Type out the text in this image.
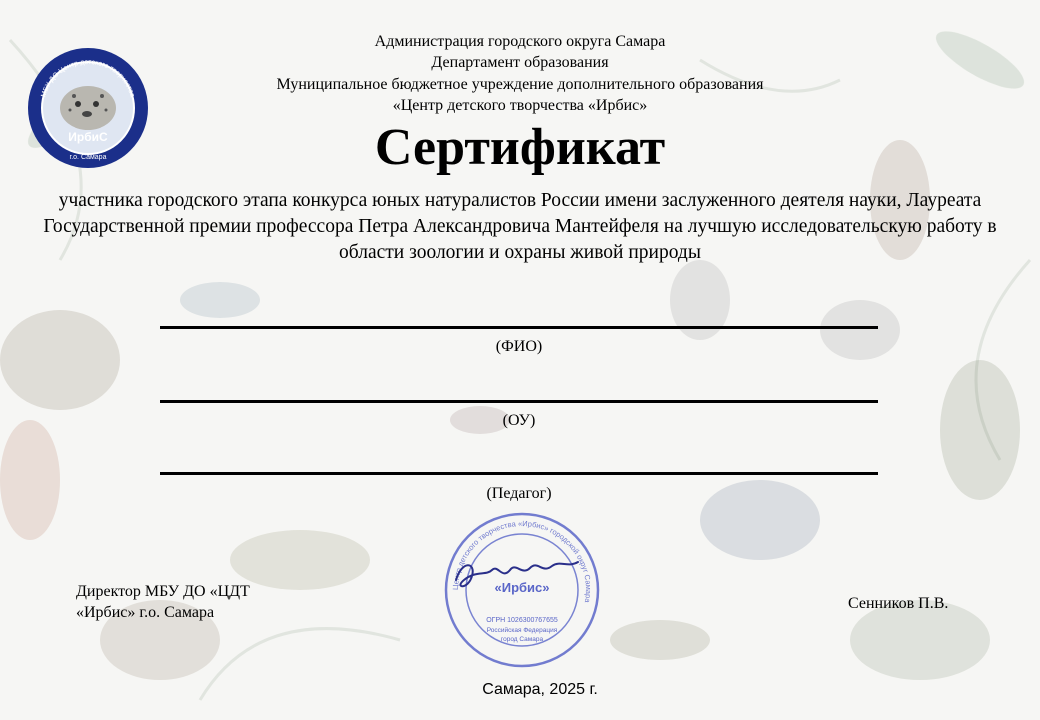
МБУ ДО Центр детского творчества
ИрбиС
г.о. Самара
Администрация городского округа Самара
Департамент образования
Муниципальное бюджетное учреждение дополнительного образования
«Центр детского творчества «Ирбис»
Сертификат
участника городского этапа конкурса юных натуралистов России имени заслуженного деятеля науки, Лауреата Государственной премии профессора Петра Александровича Мантейфеля на лучшую исследовательскую работу в области зоологии и охраны живой природы
(ФИО)
(ОУ)
(Педагог)
Директор МБУ ДО «ЦДТ
«Ирбис» г.о. Самара
Центр детского творчества «Ирбис» городской округ Самара
«Ирбис»
ОГРН 1026300767655
Российская Федерация
город Самара
Сенников П.В.
Самара, 2025 г.
